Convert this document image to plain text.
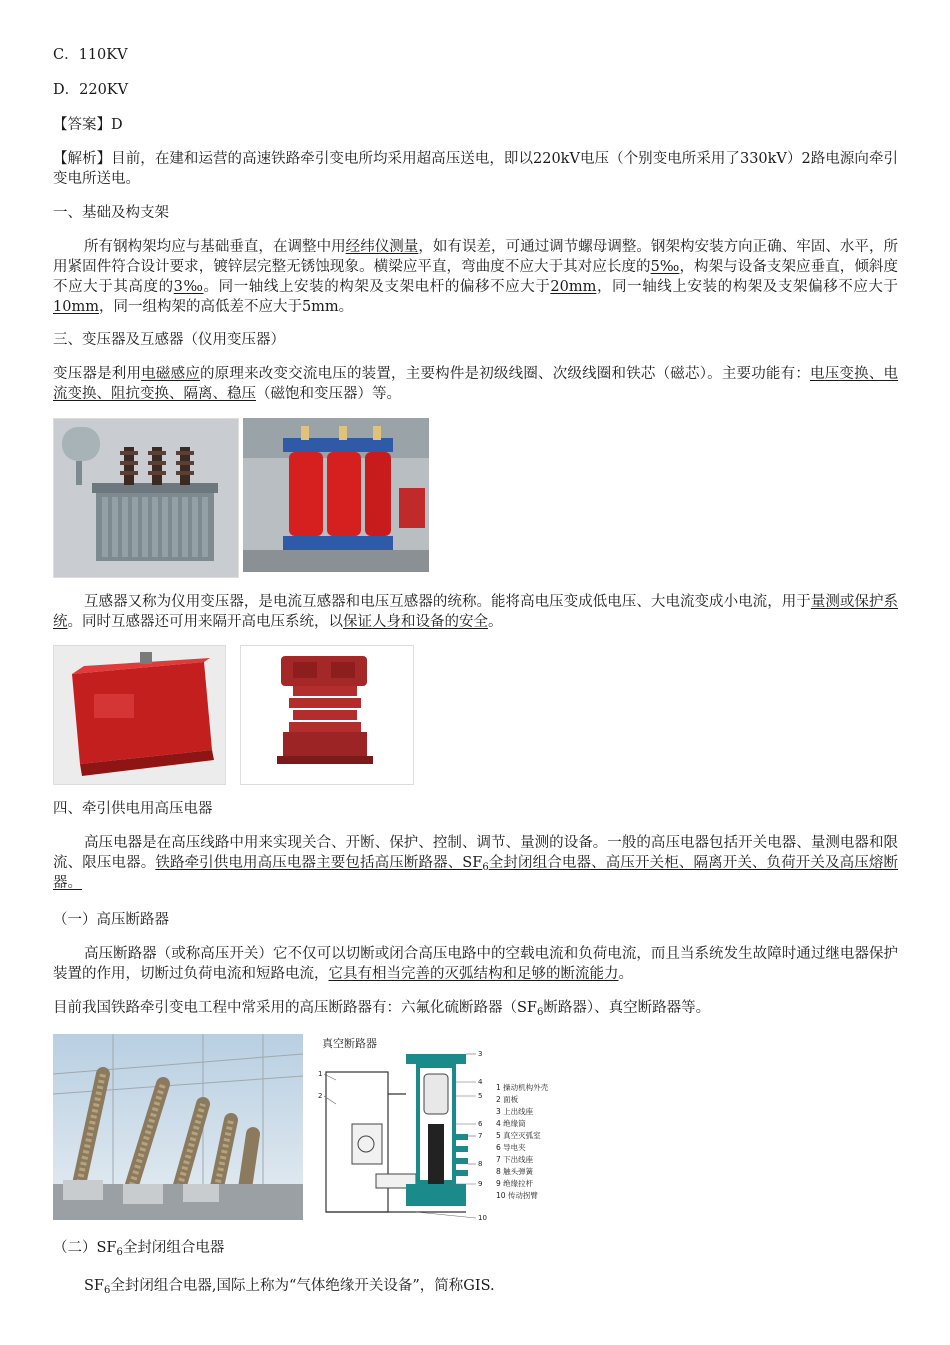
C．110KV
D．220KV
【答案】D
【解析】目前，在建和运营的高速铁路牵引变电所均采用超高压送电，即以220kV电压（个别变电所采用了330kV）2路电源向牵引变电所送电。
一、基础及构支架
所有钢构架均应与基础垂直，在调整中用经纬仪测量，如有误差，可通过调节螺母调整。钢架构安装方向正确、牢固、水平，所用紧固件符合设计要求，镀锌层完整无锈蚀现象。横梁应平直，弯曲度不应大于其对应长度的5‰，构架与设备支架应垂直，倾斜度不应大于其高度的3‰。同一轴线上安装的构架及支架电杆的偏移不应大于20mm，同一轴线上安装的构架及支架偏移不应大于10mm，同一组构架的高低差不应大于5mm。
三、变压器及互感器（仪用变压器）
变压器是利用电磁感应的原理来改变交流电压的装置，主要构件是初级线圈、次级线圈和铁芯（磁芯）。主要功能有：电压变换、电流变换、阻抗变换、隔离、稳压（磁饱和变压器）等。
互感器又称为仪用变压器，是电流互感器和电压互感器的统称。能将高电压变成低电压、大电流变成小电流，用于量测或保护系统。同时互感器还可用来隔开高电压系统，以保证人身和设备的安全。
四、牵引供电用高压电器
高压电器是在高压线路中用来实现关合、开断、保护、控制、调节、量测的设备。一般的高压电器包括开关电器、量测电器和限流、限压电器。铁路牵引供电用高压电器主要包括高压断路器、$SF_6$全封闭组合电器、高压开关柜、隔离开关、负荷开关及高压熔断器。
（一）高压断路器
高压断路器（或称高压开关）它不仅可以切断或闭合高压电路中的空载电流和负荷电流，而且当系统发生故障时通过继电器保护装置的作用，切断过负荷电流和短路电流，它具有相当完善的灭弧结构和足够的断流能力。
目前我国铁路牵引变电工程中常采用的高压断路器有：六氟化硫断路器（$SF_6$断路器）、真空断路器等。
真空断路器
3
4
5
6
7
8
9
10
1
2
1 操动机构外壳
2 面板
3 上出线座
4 绝缘筒
5 真空灭弧室
6 导电夹
7 下出线座
8 触头弹簧
9 绝缘拉杆
10 传动拐臂
（二）$SF_6$全封闭组合电器
$SF_6$全封闭组合电器,国际上称为“气体绝缘开关设备”，简称GIS.
